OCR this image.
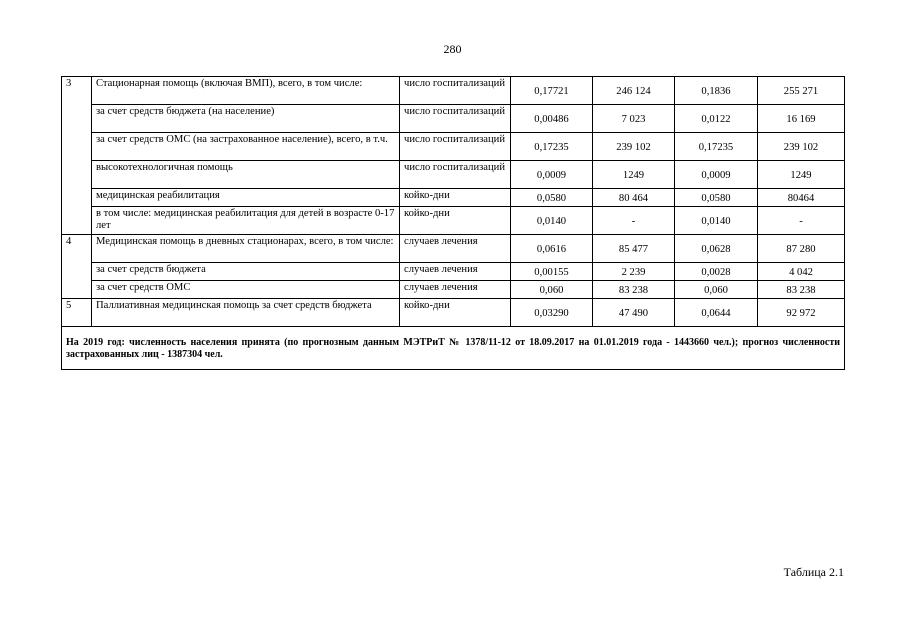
280
3	Стационарная помощь (включая ВМП), всего, в том числе:	число госпитализаций	0,17721	246 124	0,1836	255 271
	за счет средств бюджета (на население)	число госпитализаций	0,00486	7 023	0,0122	16 169
	за счет средств ОМС (на застрахованное население), всего, в т.ч.	число госпитализаций	0,17235	239 102	0,17235	239 102
	высокотехнологичная помощь	число госпитализаций	0,0009	1249	0,0009	1249
	медицинская реабилитация	койко-дни	0,0580	80 464	0,0580	80464
	в том числе: медицинская реабилитация для детей в возрасте 0-17 лет	койко-дни	0,0140	-	0,0140	-
4	Медицинская помощь в дневных стационарах, всего, в том числе:	случаев лечения	0,0616	85 477	0,0628	87 280
	за счет средств бюджета	случаев лечения	0,00155	2 239	0,0028	4 042
	за счет средств ОМС	случаев лечения	0,060	83 238	0,060	83 238
5	Паллиативная медицинская помощь за счет средств бюджета	койко-дни	0,03290	47 490	0,0644	92 972
На 2019 год: численность населения принята (по прогнозным данным МЭТРиТ № 1378/11-12 от 18.09.2017 на 01.01.2019 года - 1443660 чел.); прогноз численности застрахованных лиц - 1387304 чел.						
Таблица 2.1
